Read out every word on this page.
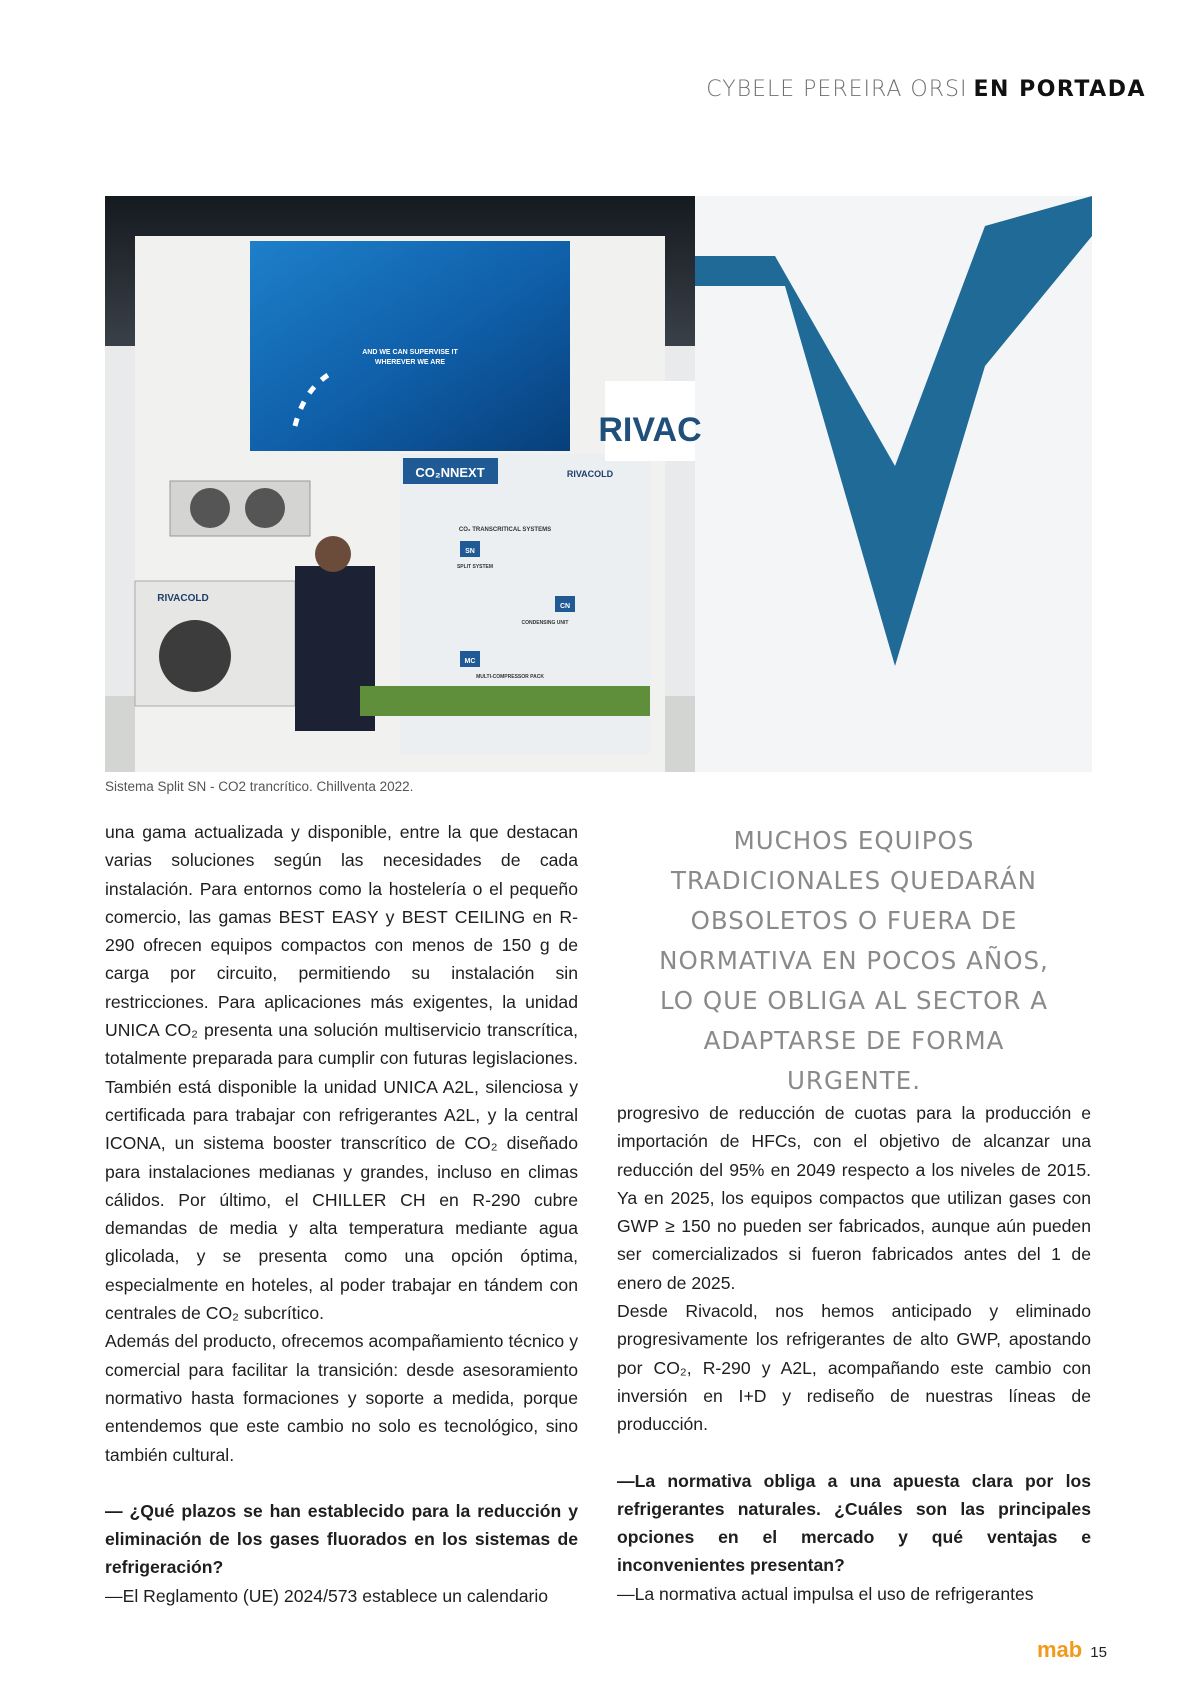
CYBELE PEREIRA ORSI EN PORTADA
AND WE CAN SUPERVISE IT
WHEREVER WE ARE
CO₂NNEXT	RIVACOLD
CO₂ TRANSCRITICAL SYSTEMS
SN
SPLIT SYSTEM
CN
CONDENSING UNIT
MC
MULTI-COMPRESSOR PACK
RIVACOLD
RIVAC
Sistema Split SN - CO2 trancrítico. Chillventa 2022.

una gama actualizada y disponible, entre la que destacan varias soluciones según las necesidades de cada instalación. Para entornos como la hostelería o el pequeño comercio, las gamas BEST EASY y BEST CEILING en R-290 ofrecen equipos compactos con menos de 150 g de carga por circuito, permitiendo su instalación sin restricciones. Para aplicaciones más exigentes, la unidad UNICA CO₂ presenta una solución multiservicio transcrítica, totalmente preparada para cumplir con futuras legislaciones. También está disponible la unidad UNICA A2L, silenciosa y certificada para trabajar con refrigerantes A2L, y la central ICONA, un sistema booster transcrítico de CO₂ diseñado para instalaciones medianas y grandes, incluso en climas cálidos. Por último, el CHILLER CH en R-290 cubre demandas de media y alta temperatura mediante agua glicolada, y se presenta como una opción óptima, especialmente en hoteles, al poder trabajar en tándem con centrales de CO₂ subcrítico.

Además del producto, ofrecemos acompañamiento técnico y comercial para facilitar la transición: desde asesoramiento normativo hasta formaciones y soporte a medida, porque entendemos que este cambio no solo es tecnológico, sino también cultural.

— ¿Qué plazos se han establecido para la reducción y eliminación de los gases fluorados en los sistemas de refrigeración?

—El Reglamento (UE) 2024/573 establece un calendario

MUCHOS EQUIPOS TRADICIONALES QUEDARÁN OBSOLETOS O FUERA DE NORMATIVA EN POCOS AÑOS, LO QUE OBLIGA AL SECTOR A ADAPTARSE DE FORMA URGENTE.

progresivo de reducción de cuotas para la producción e importación de HFCs, con el objetivo de alcanzar una reducción del 95% en 2049 respecto a los niveles de 2015. Ya en 2025, los equipos compactos que utilizan gases con GWP ≥ 150 no pueden ser fabricados, aunque aún pueden ser comercializados si fueron fabricados antes del 1 de enero de 2025.

Desde Rivacold, nos hemos anticipado y eliminado progresivamente los refrigerantes de alto GWP, apostando por CO₂, R-290 y A2L, acompañando este cambio con inversión en I+D y rediseño de nuestras líneas de producción.

—La normativa obliga a una apuesta clara por los refrigerantes naturales. ¿Cuáles son las principales opciones en el mercado y qué ventajas e inconvenientes presentan?

—La normativa actual impulsa el uso de refrigerantes

mab 15
